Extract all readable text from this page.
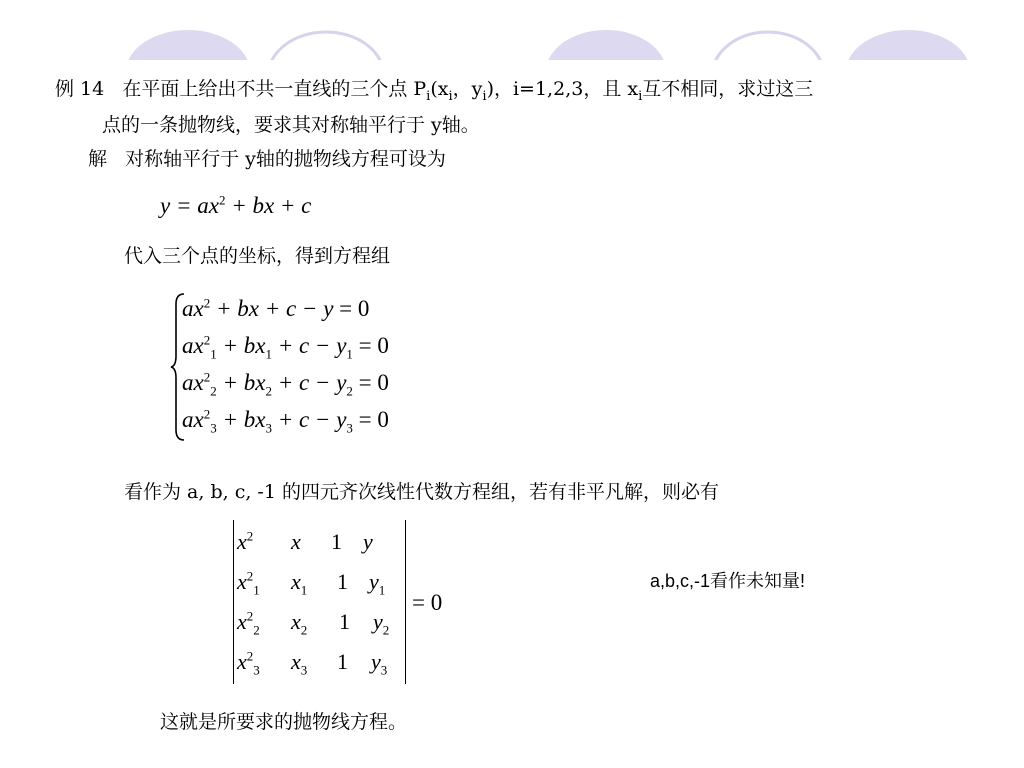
例 14 在平面上给出不共一直线的三个点 $P_i(x_i$，$y_i$)，i=1,2,3，且 $x_i$互不相同，求过这三
点的一条抛物线，要求其对称轴平行于 y轴。
解 对称轴平行于 y轴的抛物线方程可设为
$y = ax^2$ + bx + c
代入三个点的坐标，得到方程组
$ax^2$ + bx + c − y = 0
$ax^2_1 + bx_1 + c - y_1 = 0$
$ax^2_2 + bx_2 + c - y_2 = 0$
$ax^2_3 + bx_3 + c - y_3 = 0$
看作为 a, b, c, -1 的四元齐次线性代数方程组，若有非平凡解，则必有
$x^2$ x 1 y
$x^2_1$ $x_1$ 1 $y_1$
$x^2_2$ $x_2$ 1 $y_2$
$x^2_3$ $x_3$ 1 $y_3$
= 0
a,b,c,-1看作未知量!
这就是所要求的抛物线方程。
